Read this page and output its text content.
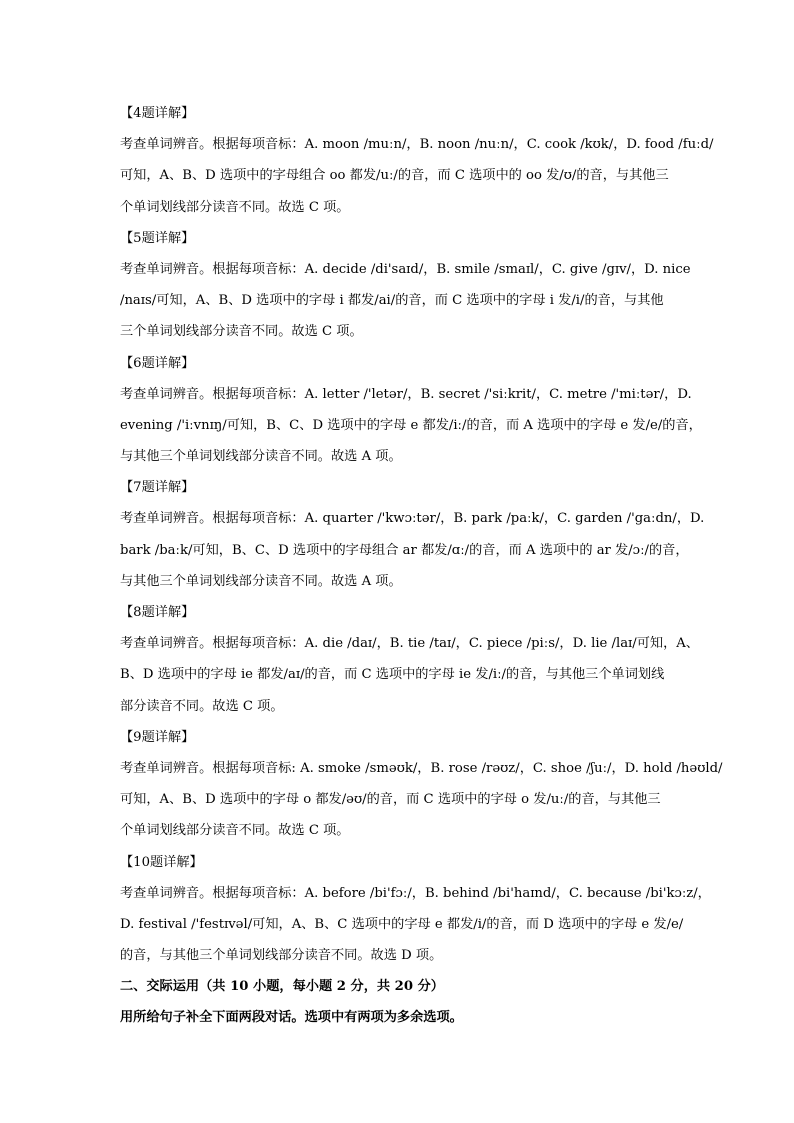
【4题详解】
考查单词辨音。根据每项音标：A. moon /muːn/，B. noon /nuːn/，C. cook /kʊk/，D. food /fuːd/
可知，A、B、D 选项中的字母组合 oo 都发/uː/的音，而 C 选项中的 oo 发/ʊ/的音，与其他三
个单词划线部分读音不同。故选 C 项。
【5题详解】
考查单词辨音。根据每项音标：A. decide /di'saɪd/，B. smile /smaɪl/，C. give /gɪv/，D. nice
/naɪs/可知，A、B、D 选项中的字母 i 都发/ai/的音，而 C 选项中的字母 i 发/i/的音，与其他
三个单词划线部分读音不同。故选 C 项。
【6题详解】
考查单词辨音。根据每项音标：A. letter /'letər/，B. secret /'siːkrit/，C. metre /'miːtər/，D.
evening /'iːvnɪŋ/可知，B、C、D 选项中的字母 e 都发/iː/的音，而 A 选项中的字母 e 发/e/的音，
与其他三个单词划线部分读音不同。故选 A 项。
【7题详解】
考查单词辨音。根据每项音标：A. quarter /'kwɔːtər/，B. park /paːk/，C. garden /'gaːdn/，D.
bark /baːk/可知，B、C、D 选项中的字母组合 ar 都发/ɑː/的音，而 A 选项中的 ar 发/ɔː/的音，
与其他三个单词划线部分读音不同。故选 A 项。
【8题详解】
考查单词辨音。根据每项音标：A. die /daɪ/，B. tie /taɪ/，C. piece /piːs/，D. lie /laɪ/可知，A、
B、D 选项中的字母 ie 都发/aɪ/的音，而 C 选项中的字母 ie 发/iː/的音，与其他三个单词划线
部分读音不同。故选 C 项。
【9题详解】
考查单词辨音。根据每项音标: A. smoke /sməʊk/，B. rose /rəʊz/，C. shoe /ʃuː/，D. hold /həʊld/
可知，A、B、D 选项中的字母 o 都发/əʊ/的音，而 C 选项中的字母 o 发/uː/的音，与其他三
个单词划线部分读音不同。故选 C 项。
【10题详解】
考查单词辨音。根据每项音标：A. before /bi'fɔː/，B. behind /bi'haɪnd/，C. because /bi'kɔːz/，
D. festival /'festɪvəl/可知，A、B、C 选项中的字母 e 都发/i/的音，而 D 选项中的字母 e 发/e/
的音，与其他三个单词划线部分读音不同。故选 D 项。
二、交际运用（共 10 小题，每小题 2 分，共 20 分）
用所给句子补全下面两段对话。选项中有两项为多余选项。
